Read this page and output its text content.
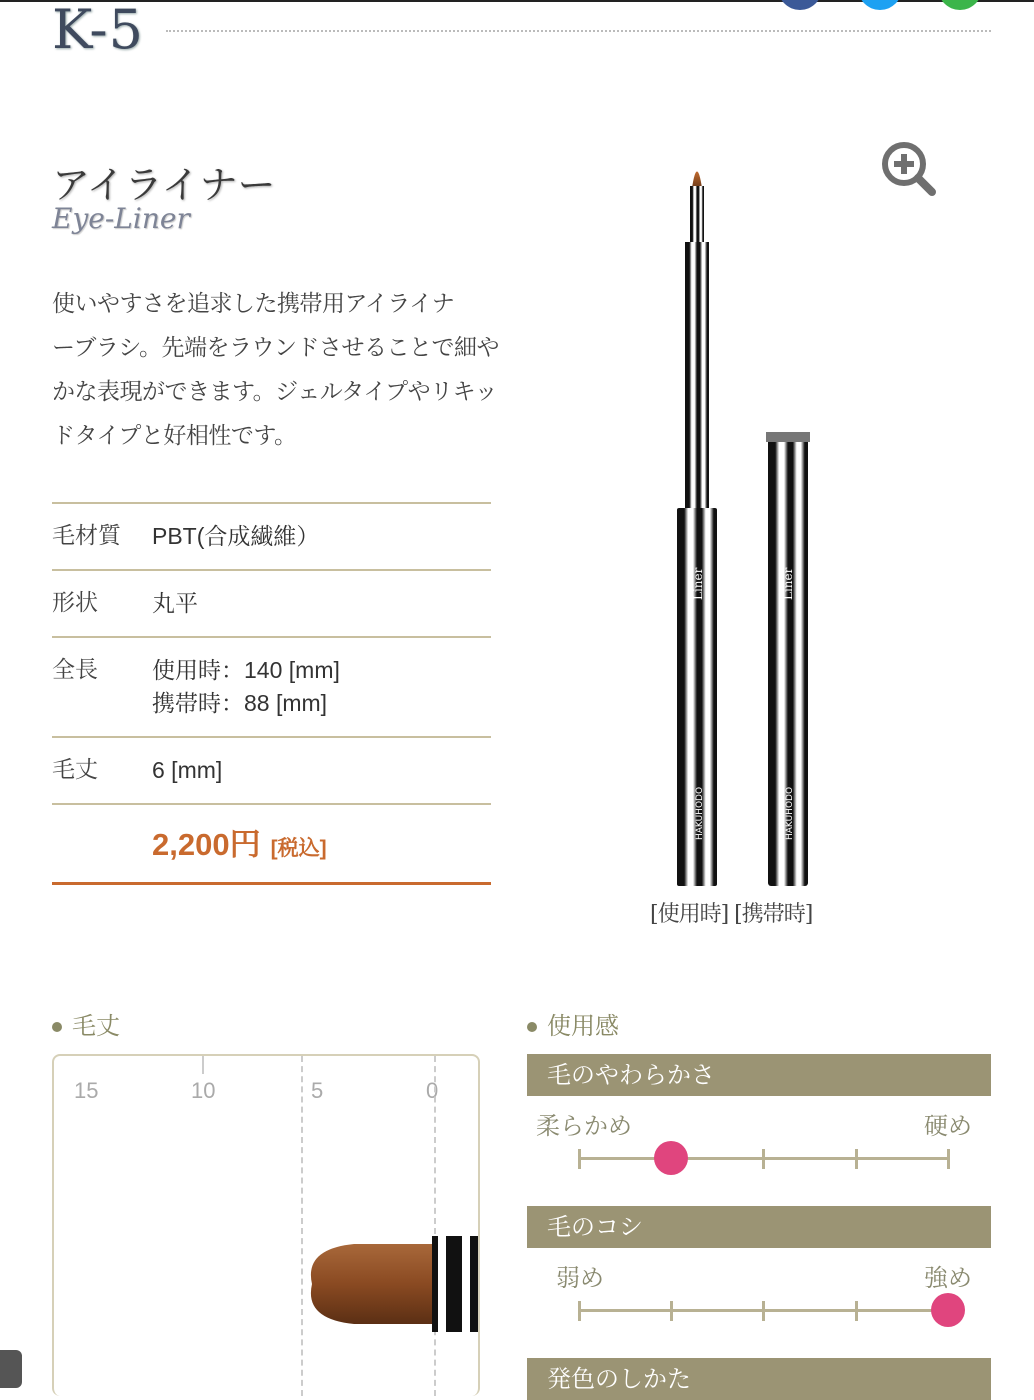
K-5
アイライナー
Eye-Liner
使いやすさを追求した携帯用アイライナ
ーブラシ。先端をラウンドさせることで細や
かな表現ができます。ジェルタイプやリキッ
ドタイプと好相性です。
毛材質	PBT(合成繊維）
形状	丸平
全長	使用時：140 [mm]
携帯時：88 [mm]
毛丈	6 [mm]
2,200円 [税込]
Liner
HAKUHODO
Liner
HAKUHODO
[使用時] [携帯時]
毛丈
15	10	5	0
使用感
毛のやわらかさ
柔らかめ	硬め
毛のコシ
弱め	強め
発色のしかた
